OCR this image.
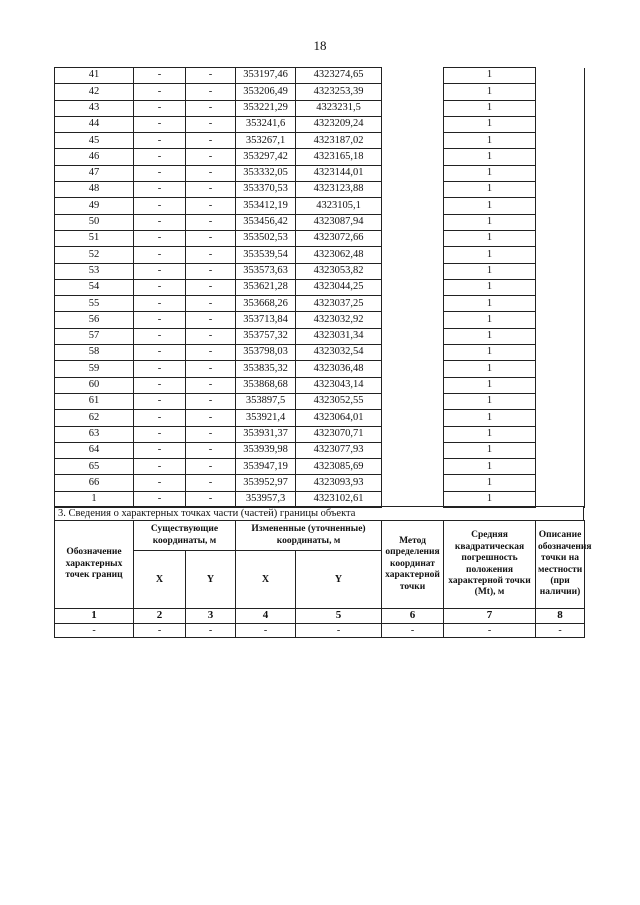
18
41	-	-	353197,46	4323274,65		1	
42	-	-	353206,49	4323253,39		1	
43	-	-	353221,29	4323231,5		1	
44	-	-	353241,6	4323209,24		1	
45	-	-	353267,1	4323187,02		1	
46	-	-	353297,42	4323165,18		1	
47	-	-	353332,05	4323144,01		1	
48	-	-	353370,53	4323123,88		1	
49	-	-	353412,19	4323105,1		1	
50	-	-	353456,42	4323087,94		1	
51	-	-	353502,53	4323072,66		1	
52	-	-	353539,54	4323062,48		1	
53	-	-	353573,63	4323053,82		1	
54	-	-	353621,28	4323044,25		1	
55	-	-	353668,26	4323037,25		1	
56	-	-	353713,84	4323032,92		1	
57	-	-	353757,32	4323031,34		1	
58	-	-	353798,03	4323032,54		1	
59	-	-	353835,32	4323036,48		1	
60	-	-	353868,68	4323043,14		1	
61	-	-	353897,5	4323052,55		1	
62	-	-	353921,4	4323064,01		1	
63	-	-	353931,37	4323070,71		1	
64	-	-	353939,98	4323077,93		1	
65	-	-	353947,19	4323085,69		1	
66	-	-	353952,97	4323093,93		1	
1	-	-	353957,3	4323102,61		1	
3. Сведения о характерных точках части (частей) границы объекта
Обозначение характерных точек границ	Существующие координаты, м		Измененные (уточненные) координаты, м		Метод определения координат характерной точки	Средняя квадратическая погрешность положения характерной точки (Mt), м	Описание обозначения точки на местности (при наличии)
	X	Y	X	Y			
1	2	3	4	5	6	7	8
-	-	-	-	-	-	-	-
